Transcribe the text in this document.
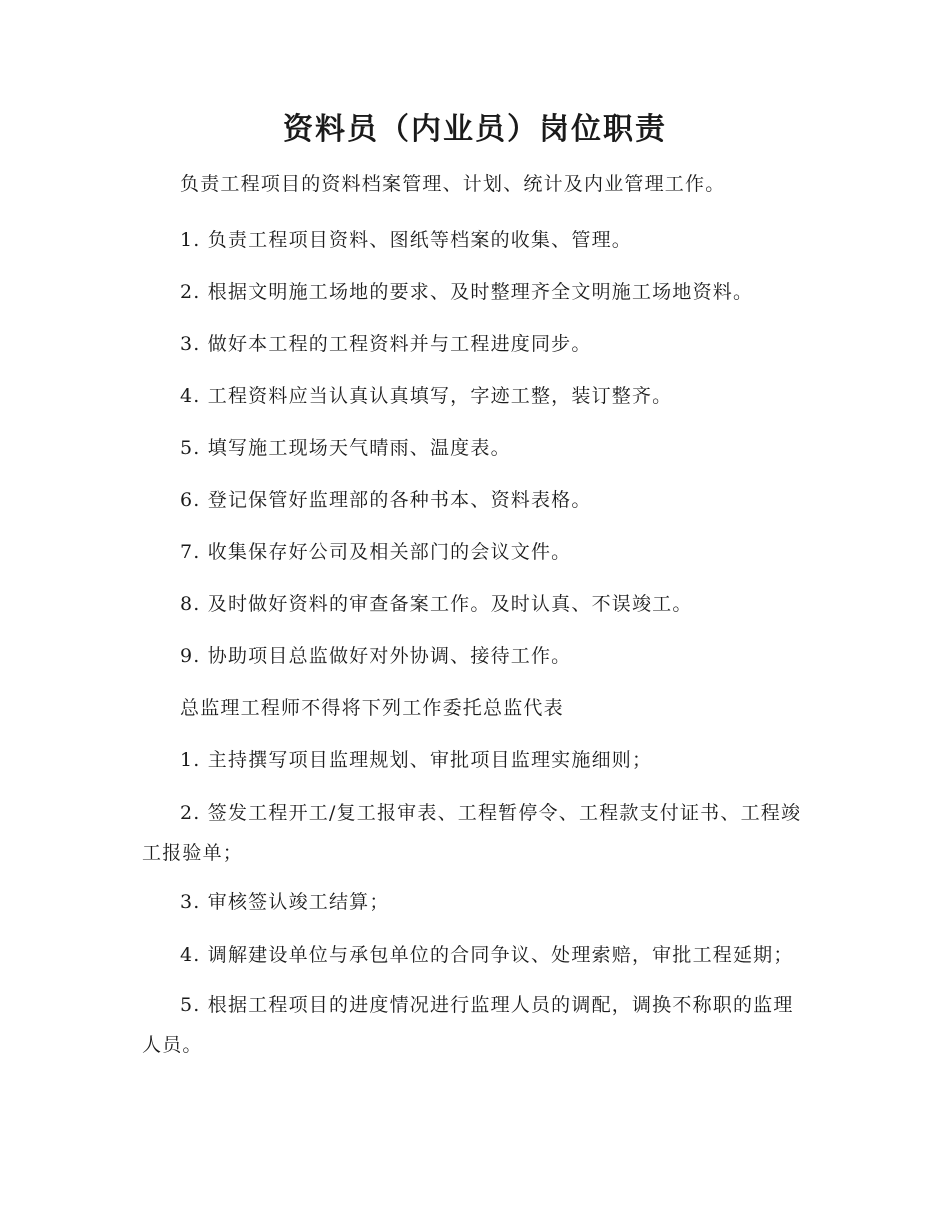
资料员（内业员）岗位职责

负责工程项目的资料档案管理、计划、统计及内业管理工作。

1. 负责工程项目资料、图纸等档案的收集、管理。

2. 根据文明施工场地的要求、及时整理齐全文明施工场地资料。

3. 做好本工程的工程资料并与工程进度同步。

4. 工程资料应当认真认真填写，字迹工整，装订整齐。

5. 填写施工现场天气晴雨、温度表。

6. 登记保管好监理部的各种书本、资料表格。

7. 收集保存好公司及相关部门的会议文件。

8. 及时做好资料的审查备案工作。及时认真、不误竣工。

9. 协助项目总监做好对外协调、接待工作。

总监理工程师不得将下列工作委托总监代表

1. 主持撰写项目监理规划、审批项目监理实施细则；

2. 签发工程开工/复工报审表、工程暂停令、工程款支付证书、工程竣工报验单；

3. 审核签认竣工结算；

4. 调解建设单位与承包单位的合同争议、处理索赔，审批工程延期；

5. 根据工程项目的进度情况进行监理人员的调配，调换不称职的监理人员。
